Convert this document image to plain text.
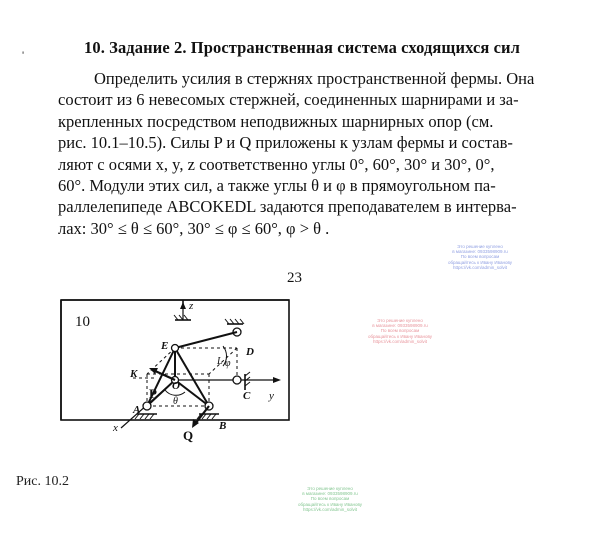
'	10. Задание 2. Пространственная система сходящихся сил
Определить усилия в стержнях пространственной фермы. Она
состоит из 6 невесомых стержней, соединенных шарнирами и за-
крепленных посредством неподвижных шарнирных опор (см.
рис. 10.1–10.5). Силы P и Q приложены к узлам фермы и состав-
ляют с осями x, y, z соответственно углы 0°, 60°, 30° и 30°, 0°,
60°. Модули этих сил, а также углы θ и φ в прямоугольном па-
раллелепипеде ABCOKEDL задаются преподавателем в интерва-
лах: 30° ≤ θ ≤ 60°, 30° ≤ φ ≤ 60°, φ > θ .
23
10
z
E	D
L
K
O
P
θ
φ
C y
A
B
Q
x
Рис. 10.2
Это решение куплено
в магазине: 0933598909.ru
По всем вопросам
обращайтесь к Ивану Иванову
https://vk.com/admin_solvit
Это решение куплено
в магазине: 0933598909.ru
По всем вопросам
обращайтесь к Ивану Иванову
https://vk.com/admin_solvit
Это решение куплено
в магазине: 0933598909.ru
По всем вопросам
обращайтесь к Ивану Иванову
https://vk.com/admin_solvit
